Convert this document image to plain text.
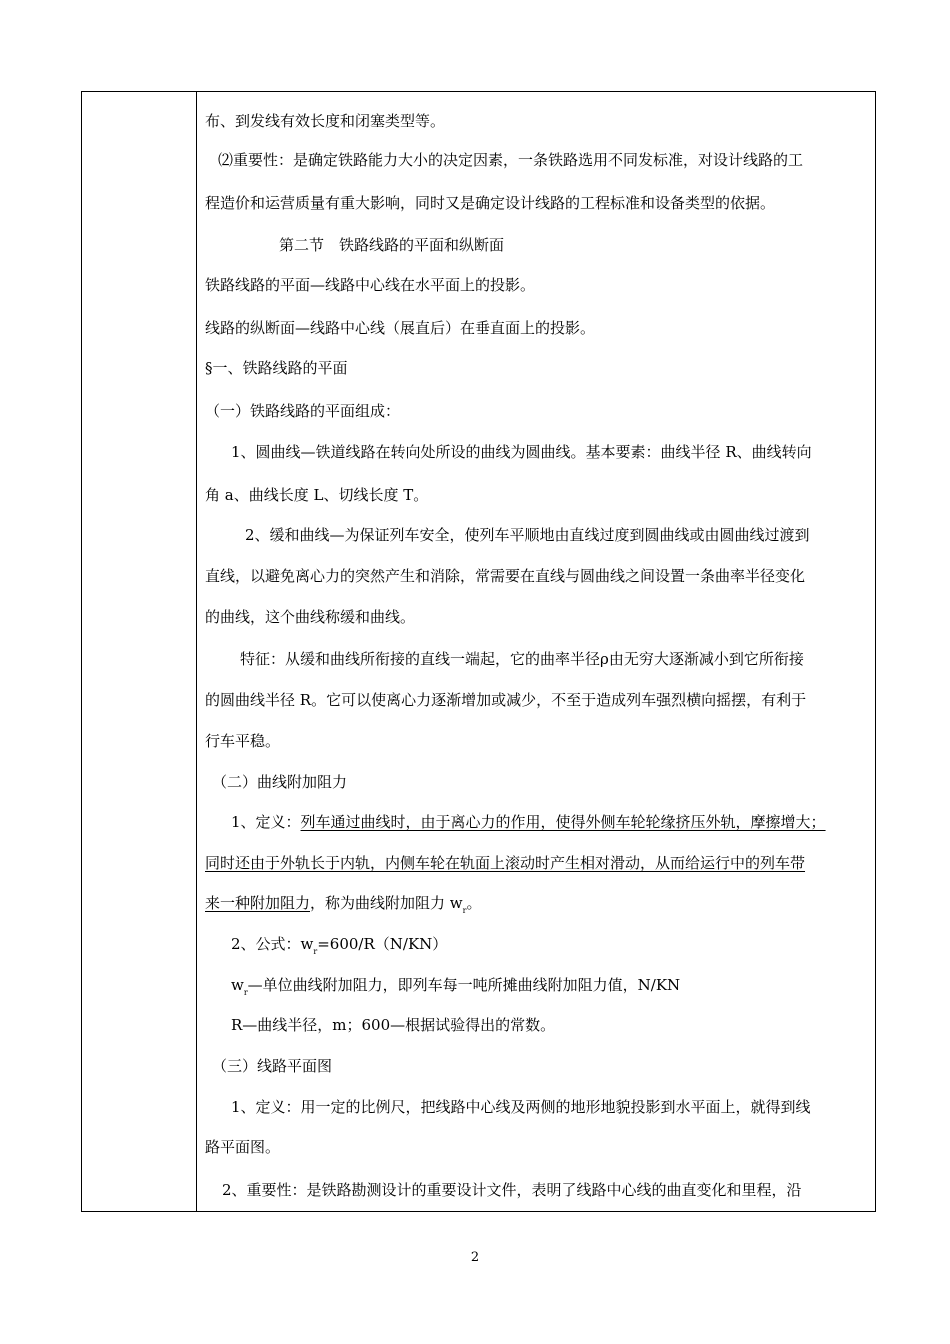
布、到发线有效长度和闭塞类型等。
⑵重要性：是确定铁路能力大小的决定因素，一条铁路选用不同发标准，对设计线路的工
程造价和运营质量有重大影响，同时又是确定设计线路的工程标准和设备类型的依据。
第二节　铁路线路的平面和纵断面
铁路线路的平面—线路中心线在水平面上的投影。
线路的纵断面—线路中心线（展直后）在垂直面上的投影。
§一、铁路线路的平面
（一）铁路线路的平面组成：
1、圆曲线—铁道线路在转向处所设的曲线为圆曲线。基本要素：曲线半径 R、曲线转向
角 a、曲线长度 L、切线长度 T。
2、缓和曲线—为保证列车安全，使列车平顺地由直线过度到圆曲线或由圆曲线过渡到
直线，以避免离心力的突然产生和消除，常需要在直线与圆曲线之间设置一条曲率半径变化
的曲线，这个曲线称缓和曲线。
特征：从缓和曲线所衔接的直线一端起，它的曲率半径ρ由无穷大逐渐减小到它所衔接
的圆曲线半径 R。它可以使离心力逐渐增加或减少，不至于造成列车强烈横向摇摆，有利于
行车平稳。
（二）曲线附加阻力
1、定义：列车通过曲线时，由于离心力的作用，使得外侧车轮轮缘挤压外轨，摩擦增大；
同时还由于外轨长于内轨，内侧车轮在轨面上滚动时产生相对滑动，从而给运行中的列车带
来一种附加阻力，称为曲线附加阻力 $w_r$。
2、公式：$w_r=600/R(N/KN)$
$w_r—$单位曲线附加阻力，即列车每一吨所摊曲线附加阻力值，N/KN
R—曲线半径，m；600—根据试验得出的常数。
（三）线路平面图
1、定义：用一定的比例尺，把线路中心线及两侧的地形地貌投影到水平面上，就得到线
路平面图。
2、重要性：是铁路勘测设计的重要设计文件，表明了线路中心线的曲直变化和里程，沿
2
